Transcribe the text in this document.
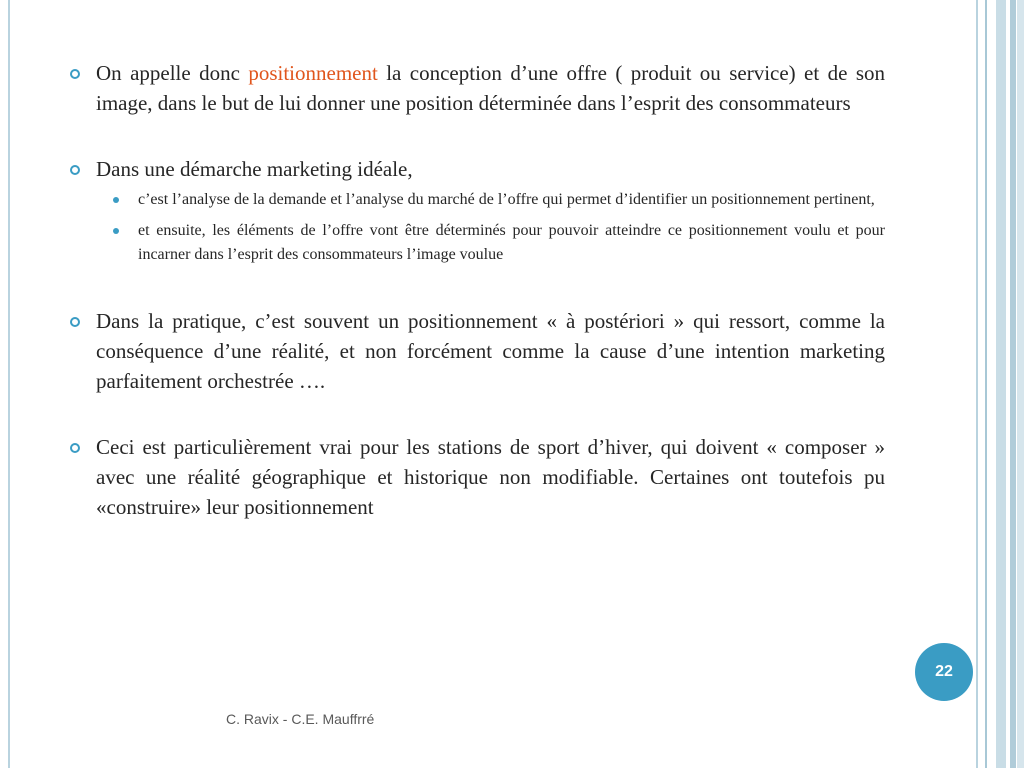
On appelle donc positionnement la conception d’une offre ( produit ou service) et de son image, dans le but de lui donner une position déterminée dans l’esprit des consommateurs
Dans une démarche marketing idéale,
c’est l’analyse de la demande et l’analyse du marché de l’offre qui permet d’identifier un positionnement pertinent,
et ensuite, les éléments de l’offre vont être déterminés pour pouvoir atteindre ce positionnement voulu et pour incarner dans l’esprit des consommateurs l’image voulue
Dans la pratique, c’est souvent un positionnement « à postériori » qui ressort, comme la conséquence d’une réalité, et non forcément comme la cause d’une intention marketing parfaitement orchestrée ….
Ceci est particulièrement vrai pour les stations de sport d’hiver, qui doivent « composer » avec une réalité géographique et historique non modifiable. Certaines ont toutefois pu «construire» leur positionnement
22
C. Ravix - C.E. Mauffrré
